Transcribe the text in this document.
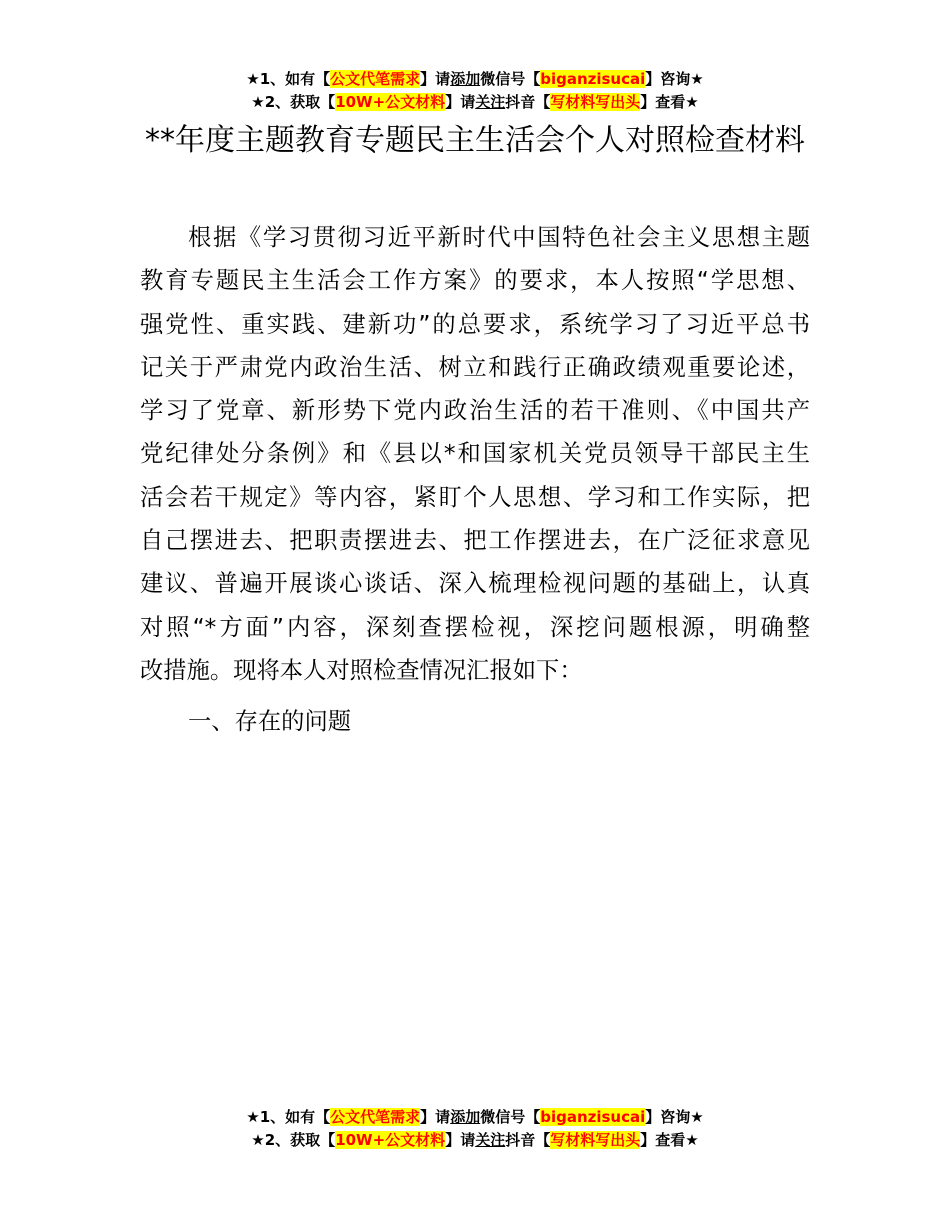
★1、如有【公文代笔需求】请添加微信号【biganzisucai】咨询★
★2、获取【10W+公文材料】请关注抖音【写材料写出头】查看★
**年度主题教育专题民主生活会个人对照检查材料
根据《学习贯彻习近平新时代中国特色社会主义思想主题
教育专题民主生活会工作方案》的要求，本人按照“学思想、
强党性、重实践、建新功”的总要求，系统学习了习近平总书
记关于严肃党内政治生活、树立和践行正确政绩观重要论述，
学习了党章、新形势下党内政治生活的若干准则、《中国共产
党纪律处分条例》和《县以*和国家机关党员领导干部民主生
活会若干规定》等内容，紧盯个人思想、学习和工作实际，把
自己摆进去、把职责摆进去、把工作摆进去，在广泛征求意见
建议、普遍开展谈心谈话、深入梳理检视问题的基础上，认真
对照“*方面”内容，深刻查摆检视，深挖问题根源，明确整
改措施。现将本人对照检查情况汇报如下：
一、存在的问题
★1、如有【公文代笔需求】请添加微信号【biganzisucai】咨询★
★2、获取【10W+公文材料】请关注抖音【写材料写出头】查看★
